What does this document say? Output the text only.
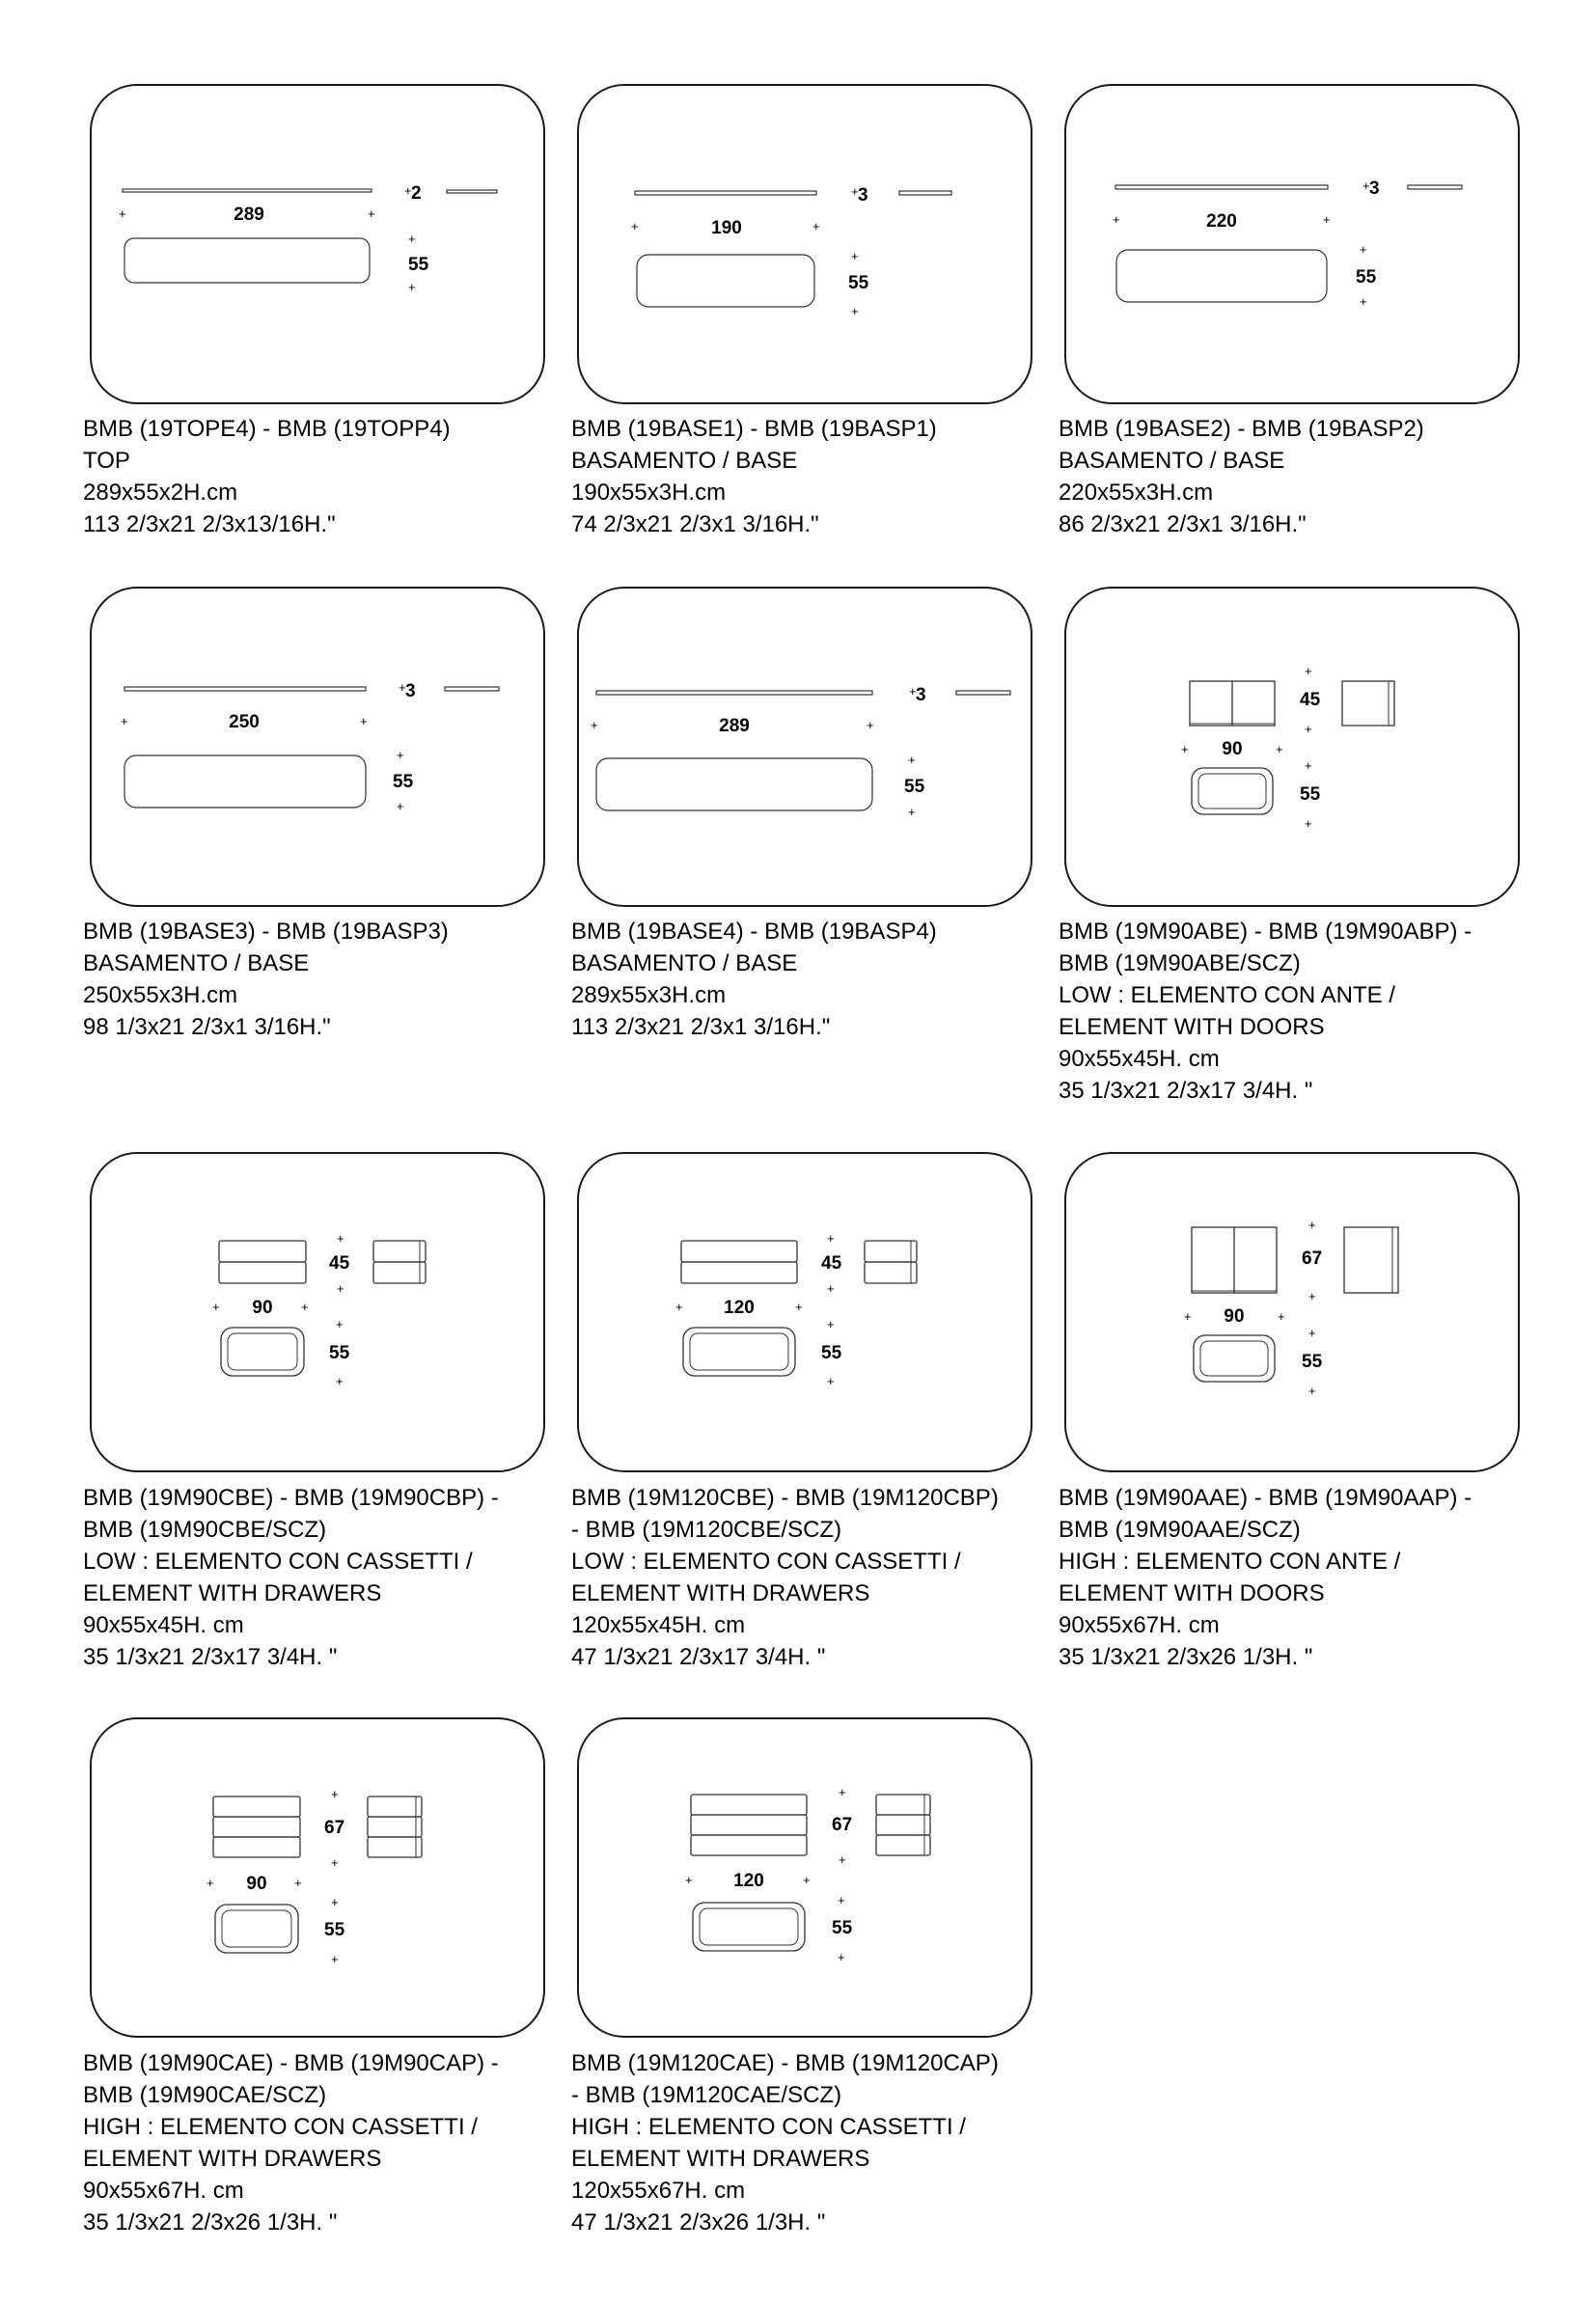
+ 2
+	289	+
+
55
+
BMB (19TOPE4) - BMB (19TOPP4)
TOP
289x55x2H.cm
113 2/3x21 2/3x13/16H."
+ 3
+	190	+
+
55
+
BMB (19BASE1) - BMB (19BASP1)
BASAMENTO / BASE
190x55x3H.cm
74 2/3x21 2/3x1 3/16H."
+ 3
+	220	+
+
55
+
BMB (19BASE2) - BMB (19BASP2)
BASAMENTO / BASE
220x55x3H.cm
86 2/3x21 2/3x1 3/16H."
+ 3
+	250	+
+
55
+
BMB (19BASE3) - BMB (19BASP3)
BASAMENTO / BASE
250x55x3H.cm
98 1/3x21 2/3x1 3/16H."
+ 3
+	289	+
+
55
+
BMB (19BASE4) - BMB (19BASP4)
BASAMENTO / BASE
289x55x3H.cm
113 2/3x21 2/3x1 3/16H."
+
45
+
+ 90	+
+
55
+
BMB (19M90ABE) - BMB (19M90ABP) -
BMB (19M90ABE/SCZ)
LOW : ELEMENTO CON ANTE /
ELEMENT WITH DOORS
90x55x45H. cm
35 1/3x21 2/3x17 3/4H. "
+
45
+
+ 90 +
+
55
+
BMB (19M90CBE) - BMB (19M90CBP) -
BMB (19M90CBE/SCZ)
LOW : ELEMENTO CON CASSETTI /
ELEMENT WITH DRAWERS
90x55x45H. cm
35 1/3x21 2/3x17 3/4H. "
+
45
+
+ 120	+
+
55
+
BMB (19M120CBE) - BMB (19M120CBP)
- BMB (19M120CBE/SCZ)
LOW : ELEMENTO CON CASSETTI /
ELEMENT WITH DRAWERS
120x55x45H. cm
47 1/3x21 2/3x17 3/4H. "
+
67
+
+ 90	+
+
55
+
BMB (19M90AAE) - BMB (19M90AAP) -
BMB (19M90AAE/SCZ)
HIGH : ELEMENTO CON ANTE /
ELEMENT WITH DOORS
90x55x67H. cm
35 1/3x21 2/3x26 1/3H. "
+
67
+
+ 90 +
+
55
+
BMB (19M90CAE) - BMB (19M90CAP) -
BMB (19M90CAE/SCZ)
HIGH : ELEMENTO CON CASSETTI /
ELEMENT WITH DRAWERS
90x55x67H. cm
35 1/3x21 2/3x26 1/3H. "
+
67
+
+ 120	+
+
55
+
BMB (19M120CAE) - BMB (19M120CAP)
- BMB (19M120CAE/SCZ)
HIGH : ELEMENTO CON CASSETTI /
ELEMENT WITH DRAWERS
120x55x67H. cm
47 1/3x21 2/3x26 1/3H. "
